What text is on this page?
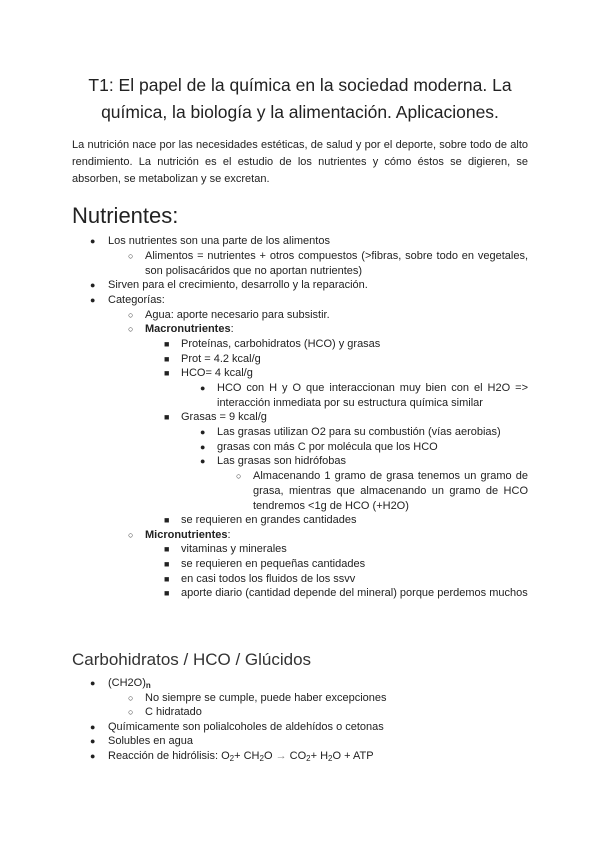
T1: El papel de la química en la sociedad moderna. La química, la biología y la alimentación. Aplicaciones.

La nutrición nace por las necesidades estéticas, de salud y por el deporte, sobre todo de alto rendimiento. La nutrición es el estudio de los nutrientes y cómo éstos se digieren, se absorben, se metabolizan y se excretan.

Nutrientes:
● Los nutrientes son una parte de los alimentos

○ Alimentos = nutrientes + otros compuestos (>fibras, sobre todo en vegetales, son polisacáridos que no aportan nutrientes)

● Sirven para el crecimiento, desarrollo y la reparación.

● Categorías:

○ Agua: aporte necesario para subsistir.

○ Macronutrientes:

■ Proteínas, carbohidratos (HCO) y grasas

■ Prot = 4.2 kcal/g

■ HCO= 4 kcal/g

● HCO con H y O que interaccionan muy bien con el H2O => interacción inmediata por su estructura química similar

■ Grasas = 9 kcal/g

● Las grasas utilizan O2 para su combustión (vías aerobias)

● grasas con más C por molécula que los HCO

● Las grasas son hidrófobas

○ Almacenando 1 gramo de grasa tenemos un gramo de grasa, mientras que almacenando un gramo de HCO tendremos <1g de HCO (+H2O)

■ se requieren en grandes cantidades

○ Micronutrientes:

■ vitaminas y minerales

■ se requieren en pequeñas cantidades

■ en casi todos los fluidos de los ssvv

■ aporte diario (cantidad depende del mineral) porque perdemos muchos

Carbohidratos / HCO / Glúcidos
● $(CH2O)_n$

○ No siempre se cumple, puede haber excepciones

○ C hidratado

● Químicamente son polialcoholes de aldehídos o cetonas

● Solubles en agua

● Reacción de hidrólisis: $O_2+ CH_2O \to CO_2+ H_2O$ + ATP
